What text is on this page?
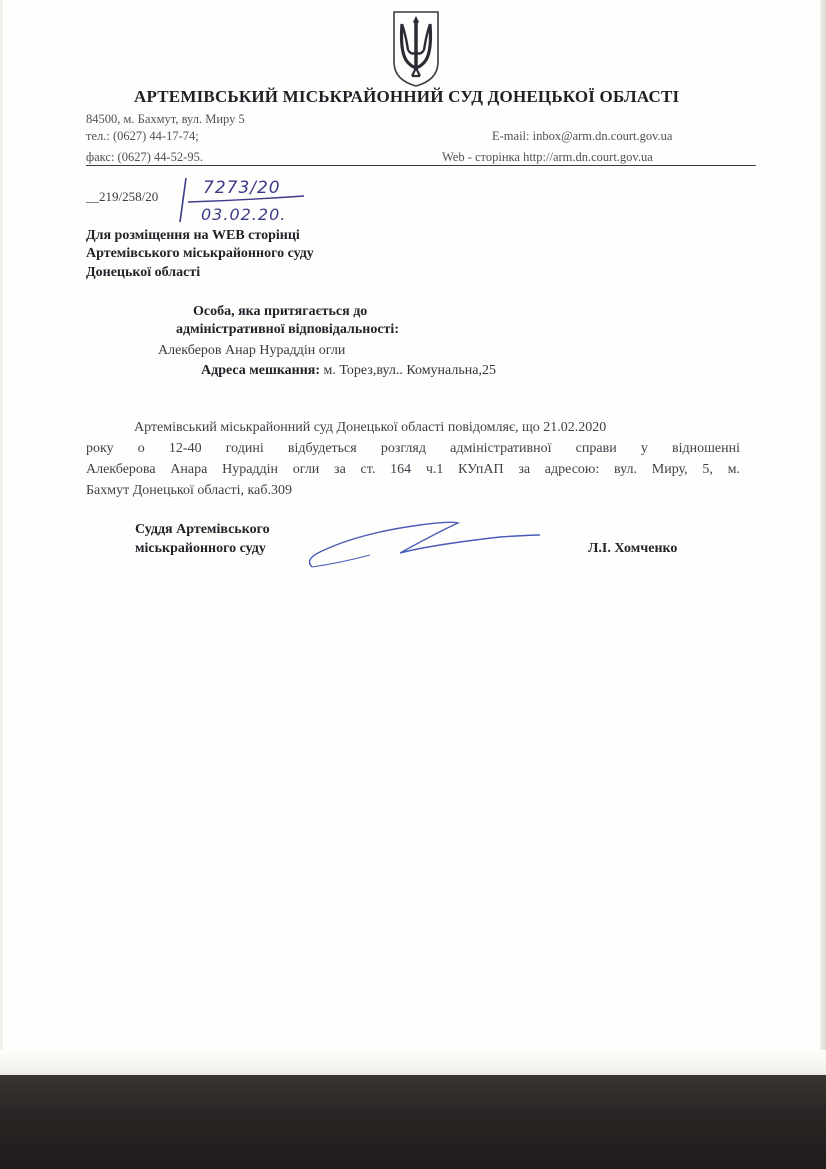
АРТЕМІВСЬКИЙ МІСЬКРАЙОННИЙ СУД ДОНЕЦЬКОЇ ОБЛАСТІ
84500, м. Бахмут, вул. Миру 5
тел.: (0627) 44-17-74;
факс: (0627) 44-52-95.
E-mail: inbox@arm.dn.court.gov.ua
Web - сторінка http://arm.dn.court.gov.ua
__219/258/20	7273/20
03.02.20.
Для розміщення на WEB сторінці
Артемівського міськрайонного суду
Донецької області
Особа, яка притягається до
адміністративної відповідальності:
Алекберов Анар Нураддін огли
Адреса мешкання: м. Торез,вул.. Комунальна,25
Артемівський міськрайонний суд Донецької області повідомляє, що 21.02.2020
року о 12-40 годині відбудеться розгляд адміністративної справи у відношенні
Алекберова Анара Нураддін огли за ст. 164 ч.1 КУпАП за адресою: вул. Миру, 5, м.
Бахмут Донецької області, каб.309
Суддя Артемівського
міськрайонного суду	Л.І. Хомченко
